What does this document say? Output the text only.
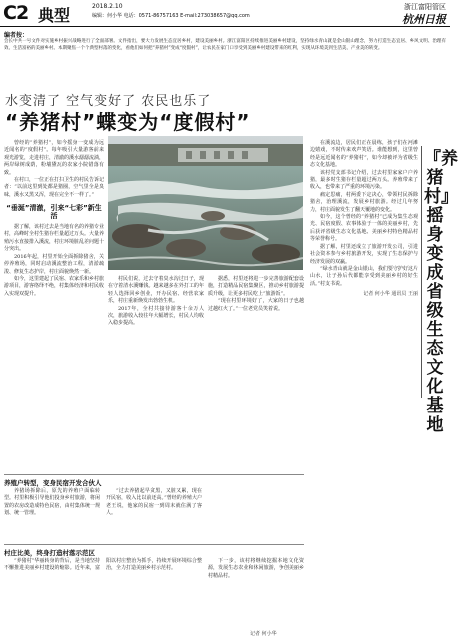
C2 典型	2018.2.10
编辑：何小华 电话：0571-86757163 E-mail:273038657@qq.com
浙江富阳管区
杭州日报
编者按：
会长中共一号文件对实施乡村振兴战略进行了全面部署。文件指出，要大力发展生态宜居乡村，建设美丽乡村。浙江富阳区持续推进美丽乡村建设，坚持绿水青山就是金山银山理念，努力打造生态宜居、乡风文明、治理有效、生活富裕的美丽乡村。本期聚焦一个个典型村落的变化，看他们如何把“养猪村”变成“度假村”，让农民在家门口享受到美丽乡村建设带来的红利，实现从环境美到生活美、产业美的转变。
水变清了 空气变好了 农民也乐了
“养猪村”蝶变为“度假村”

曾经的“养猪村”，如今摇身一变成为远近闻名的“度假村”。每年吸引大量游客前来观光游览，走进村庄，清澈的溪水潺潺流淌，两岸绿树成荫，粉墙黛瓦的农家小院错落有致。

在村口，一位正在打扫卫生的村民告诉记者：“以前这里到处都是猪圈，空气里全是臭味，溪水又黑又浑，现在完全不一样了。”

“垂涎”清澈，引来“七彩”新生活

据了解，该村过去是当地有名的养猪专业村，高峰时全村生猪存栏量超过万头。大量养殖污水直接排入溪流，村庄环境脏乱差问题十分突出。

2016年起，村里开始全面拆除猪舍，关停养殖场，同时启动溪流整治工程，清淤疏浚、修复生态护岸，村庄面貌焕然一新。

如今，这里建起了民宿、农家乐和乡村旅游项目，游客络绎不绝，村集体经济和村民收入实现双提升。

村民们说，过去守着臭水沟过日子，现在守着清水溪赚钱。越来越多在外打工的年轻人选择回乡创业，开办民宿、经营农家乐，村庄重新焕发出勃勃生机。

2017年，全村共接待游客十余万人次，旅游收入较往年大幅增长，村民人均收入稳步提高。

据悉，村里还将进一步完善旅游配套设施，打造精品民宿集聚区，推动乡村旅游提质升级，让更多村民吃上“旅游饭”。

“现在村里环境好了，大家的日子也越过越红火了。”一位老党员笑着说。

养殖户转型，变身民宿开发合伙人

养猪场拆除后，原先的养殖户面临转型。村里积极引导他们投身乡村旅游，将闲置的农房改造成特色民宿，由村集体统一规划、统一管理。

“过去养猪起早贪黑，又脏又累，现在开民宿，收入比以前还高。”曾经的养殖大户老王说，他家的民宿一到周末就住满了客人。

村庄比美，终身打造村落示范区

“养猪村”华丽转身的背后，是当地坚持不懈推进美丽乡村建设的缩影。近年来，富阳以村庄整治为抓手，持续开展环境综合整治，全力打造美丽乡村示范村。

下一步，该村将继续挖掘本地文化资源，发展生态农业和休闲旅游，争创美丽乡村精品村。

记者 何小华

在溪流边，居民们正在晨练，孩子们在河滩边嬉戏，不时传来欢声笑语。谁能想到，这里曾经是远近闻名的“养猪村”，如今却被评为省级生态文化基地。

该村党支部书记介绍，过去村里家家户户养猪，最多时生猪存栏量超过两万头。养殖带来了收入，也带来了严重的环境污染。

痛定思痛，村两委下定决心，带领村民拆除猪舍，治理溪流，发展乡村旅游。经过几年努力，村庄面貌发生了翻天覆地的变化。

如今，这个曾经的“养猪村”已成为集生态观光、民宿度假、农事体验于一体的美丽乡村，先后获评省级生态文化基地、美丽乡村特色精品村等荣誉称号。

据了解，村里还成立了旅游开发公司，引进社会资本参与乡村旅游开发，实现了生态保护与经济发展的双赢。

“绿水青山就是金山银山，我们要守护好这片山水，让子孙后代都能享受到美丽乡村的好生活。”村支书说。

记者 何小华 通讯员 王丽
『养猪村』摇身变成省级生态文化基地
